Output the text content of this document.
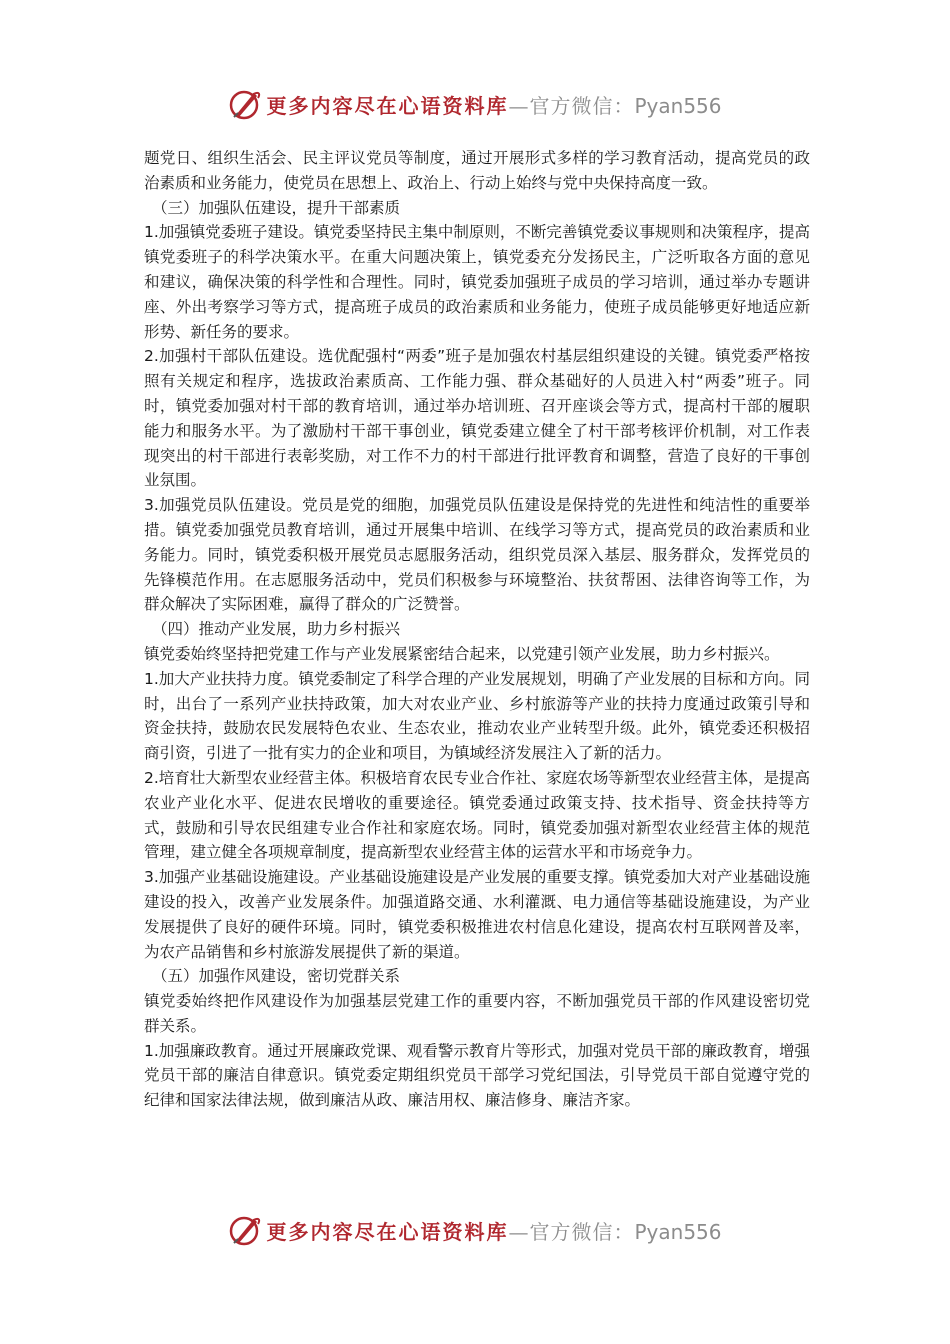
更多内容尽在心语资料库—官方微信：Pyan556

题党日、组织生活会、民主评议党员等制度，通过开展形式多样的学习教育活动，提高党员的政治素质和业务能力，使党员在思想上、政治上、行动上始终与党中央保持高度一致。

（三）加强队伍建设，提升干部素质

1.加强镇党委班子建设。镇党委坚持民主集中制原则，不断完善镇党委议事规则和决策程序，提高镇党委班子的科学决策水平。在重大问题决策上，镇党委充分发扬民主，广泛听取各方面的意见和建议，确保决策的科学性和合理性。同时，镇党委加强班子成员的学习培训，通过举办专题讲座、外出考察学习等方式，提高班子成员的政治素质和业务能力，使班子成员能够更好地适应新形势、新任务的要求。

2.加强村干部队伍建设。选优配强村“两委”班子是加强农村基层组织建设的关键。镇党委严格按照有关规定和程序，选拔政治素质高、工作能力强、群众基础好的人员进入村“两委”班子。同时，镇党委加强对村干部的教育培训，通过举办培训班、召开座谈会等方式，提高村干部的履职能力和服务水平。为了激励村干部干事创业，镇党委建立健全了村干部考核评价机制，对工作表现突出的村干部进行表彰奖励，对工作不力的村干部进行批评教育和调整，营造了良好的干事创业氛围。

3.加强党员队伍建设。党员是党的细胞，加强党员队伍建设是保持党的先进性和纯洁性的重要举措。镇党委加强党员教育培训，通过开展集中培训、在线学习等方式，提高党员的政治素质和业务能力。同时，镇党委积极开展党员志愿服务活动，组织党员深入基层、服务群众，发挥党员的先锋模范作用。在志愿服务活动中，党员们积极参与环境整治、扶贫帮困、法律咨询等工作，为群众解决了实际困难，赢得了群众的广泛赞誉。

（四）推动产业发展，助力乡村振兴

镇党委始终坚持把党建工作与产业发展紧密结合起来，以党建引领产业发展，助力乡村振兴。

1.加大产业扶持力度。镇党委制定了科学合理的产业发展规划，明确了产业发展的目标和方向。同时，出台了一系列产业扶持政策，加大对农业产业、乡村旅游等产业的扶持力度通过政策引导和资金扶持，鼓励农民发展特色农业、生态农业，推动农业产业转型升级。此外，镇党委还积极招商引资，引进了一批有实力的企业和项目，为镇域经济发展注入了新的活力。

2.培育壮大新型农业经营主体。积极培育农民专业合作社、家庭农场等新型农业经营主体，是提高农业产业化水平、促进农民增收的重要途径。镇党委通过政策支持、技术指导、资金扶持等方式，鼓励和引导农民组建专业合作社和家庭农场。同时，镇党委加强对新型农业经营主体的规范管理，建立健全各项规章制度，提高新型农业经营主体的运营水平和市场竞争力。

3.加强产业基础设施建设。产业基础设施建设是产业发展的重要支撑。镇党委加大对产业基础设施建设的投入，改善产业发展条件。加强道路交通、水利灌溉、电力通信等基础设施建设，为产业发展提供了良好的硬件环境。同时，镇党委积极推进农村信息化建设，提高农村互联网普及率，为农产品销售和乡村旅游发展提供了新的渠道。

（五）加强作风建设，密切党群关系

镇党委始终把作风建设作为加强基层党建工作的重要内容，不断加强党员干部的作风建设密切党群关系。

1.加强廉政教育。通过开展廉政党课、观看警示教育片等形式，加强对党员干部的廉政教育，增强党员干部的廉洁自律意识。镇党委定期组织党员干部学习党纪国法，引导党员干部自觉遵守党的纪律和国家法律法规，做到廉洁从政、廉洁用权、廉洁修身、廉洁齐家。

更多内容尽在心语资料库—官方微信：Pyan556
